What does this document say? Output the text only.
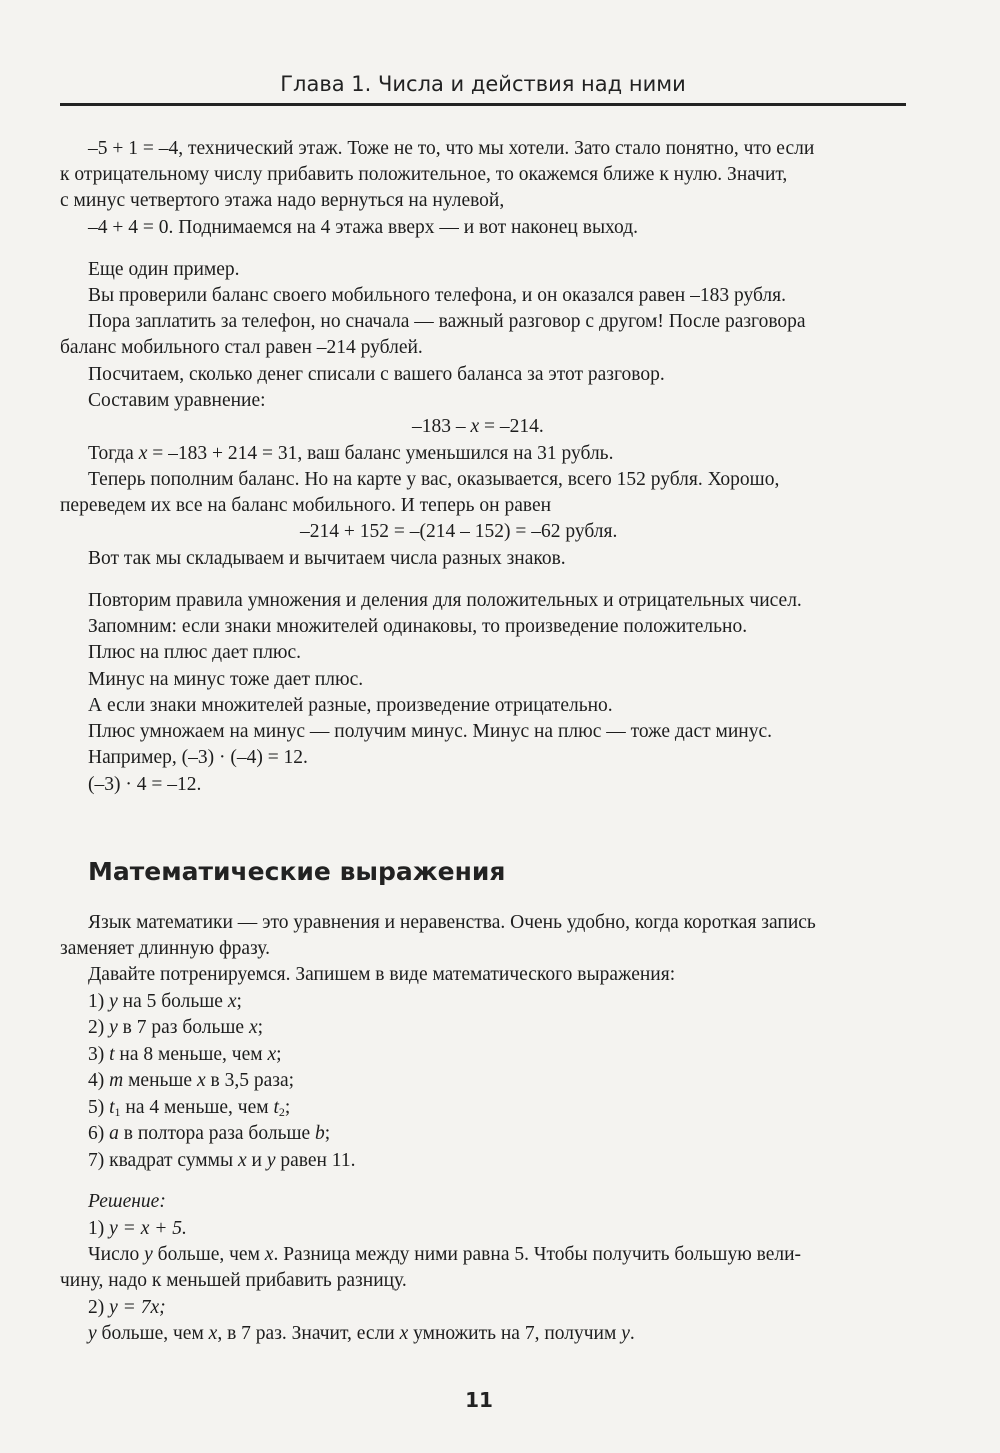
Глава 1. Числа и действия над ними

–5 + 1 = –4, технический этаж. Тоже не то, что мы хотели. Зато стало понятно, что если

к отрицательному числу прибавить положительное, то окажемся ближе к нулю. Значит,

с минус четвертого этажа надо вернуться на нулевой,

–4 + 4 = 0. Поднимаемся на 4 этажа вверх — и вот наконец выход.

Еще один пример.

Вы проверили баланс своего мобильного телефона, и он оказался равен –183 рубля.

Пора заплатить за телефон, но сначала — важный разговор с другом! После разговора

баланс мобильного стал равен –214 рублей.

Посчитаем, сколько денег списали с вашего баланса за этот разговор.

Составим уравнение:

–183 – x = –214.

Тогда x = –183 + 214 = 31, ваш баланс уменьшился на 31 рубль.

Теперь пополним баланс. Но на карте у вас, оказывается, всего 152 рубля. Хорошо,

переведем их все на баланс мобильного. И теперь он равен

–214 + 152 = –(214 – 152) = –62 рубля.

Вот так мы складываем и вычитаем числа разных знаков.

Повторим правила умножения и деления для положительных и отрицательных чисел.

Запомним: если знаки множителей одинаковы, то произведение положительно.

Плюс на плюс дает плюс.

Минус на минус тоже дает плюс.

А если знаки множителей разные, произведение отрицательно.

Плюс умножаем на минус — получим минус. Минус на плюс — тоже даст минус.

Например, (–3) · (–4) = 12.

(–3) · 4 = –12.

Математические выражения

Язык математики — это уравнения и неравенства. Очень удобно, когда короткая запись

заменяет длинную фразу.

Давайте потренируемся. Запишем в виде математического выражения:

1) y на 5 больше x;

2) y в 7 раз больше x;

3) t на 8 меньше, чем x;

4) m меньше x в 3,5 раза;

5) $t_1$ на 4 меньше, чем $t_2$;

6) a в полтора раза больше b;

7) квадрат суммы x и y равен 11.

Решение:

1) y = x + 5.

Число y больше, чем x. Разница между ними равна 5. Чтобы получить большую вели-

чину, надо к меньшей прибавить разницу.

2) y = 7x;

y больше, чем x, в 7 раз. Значит, если x умножить на 7, получим y.

11
